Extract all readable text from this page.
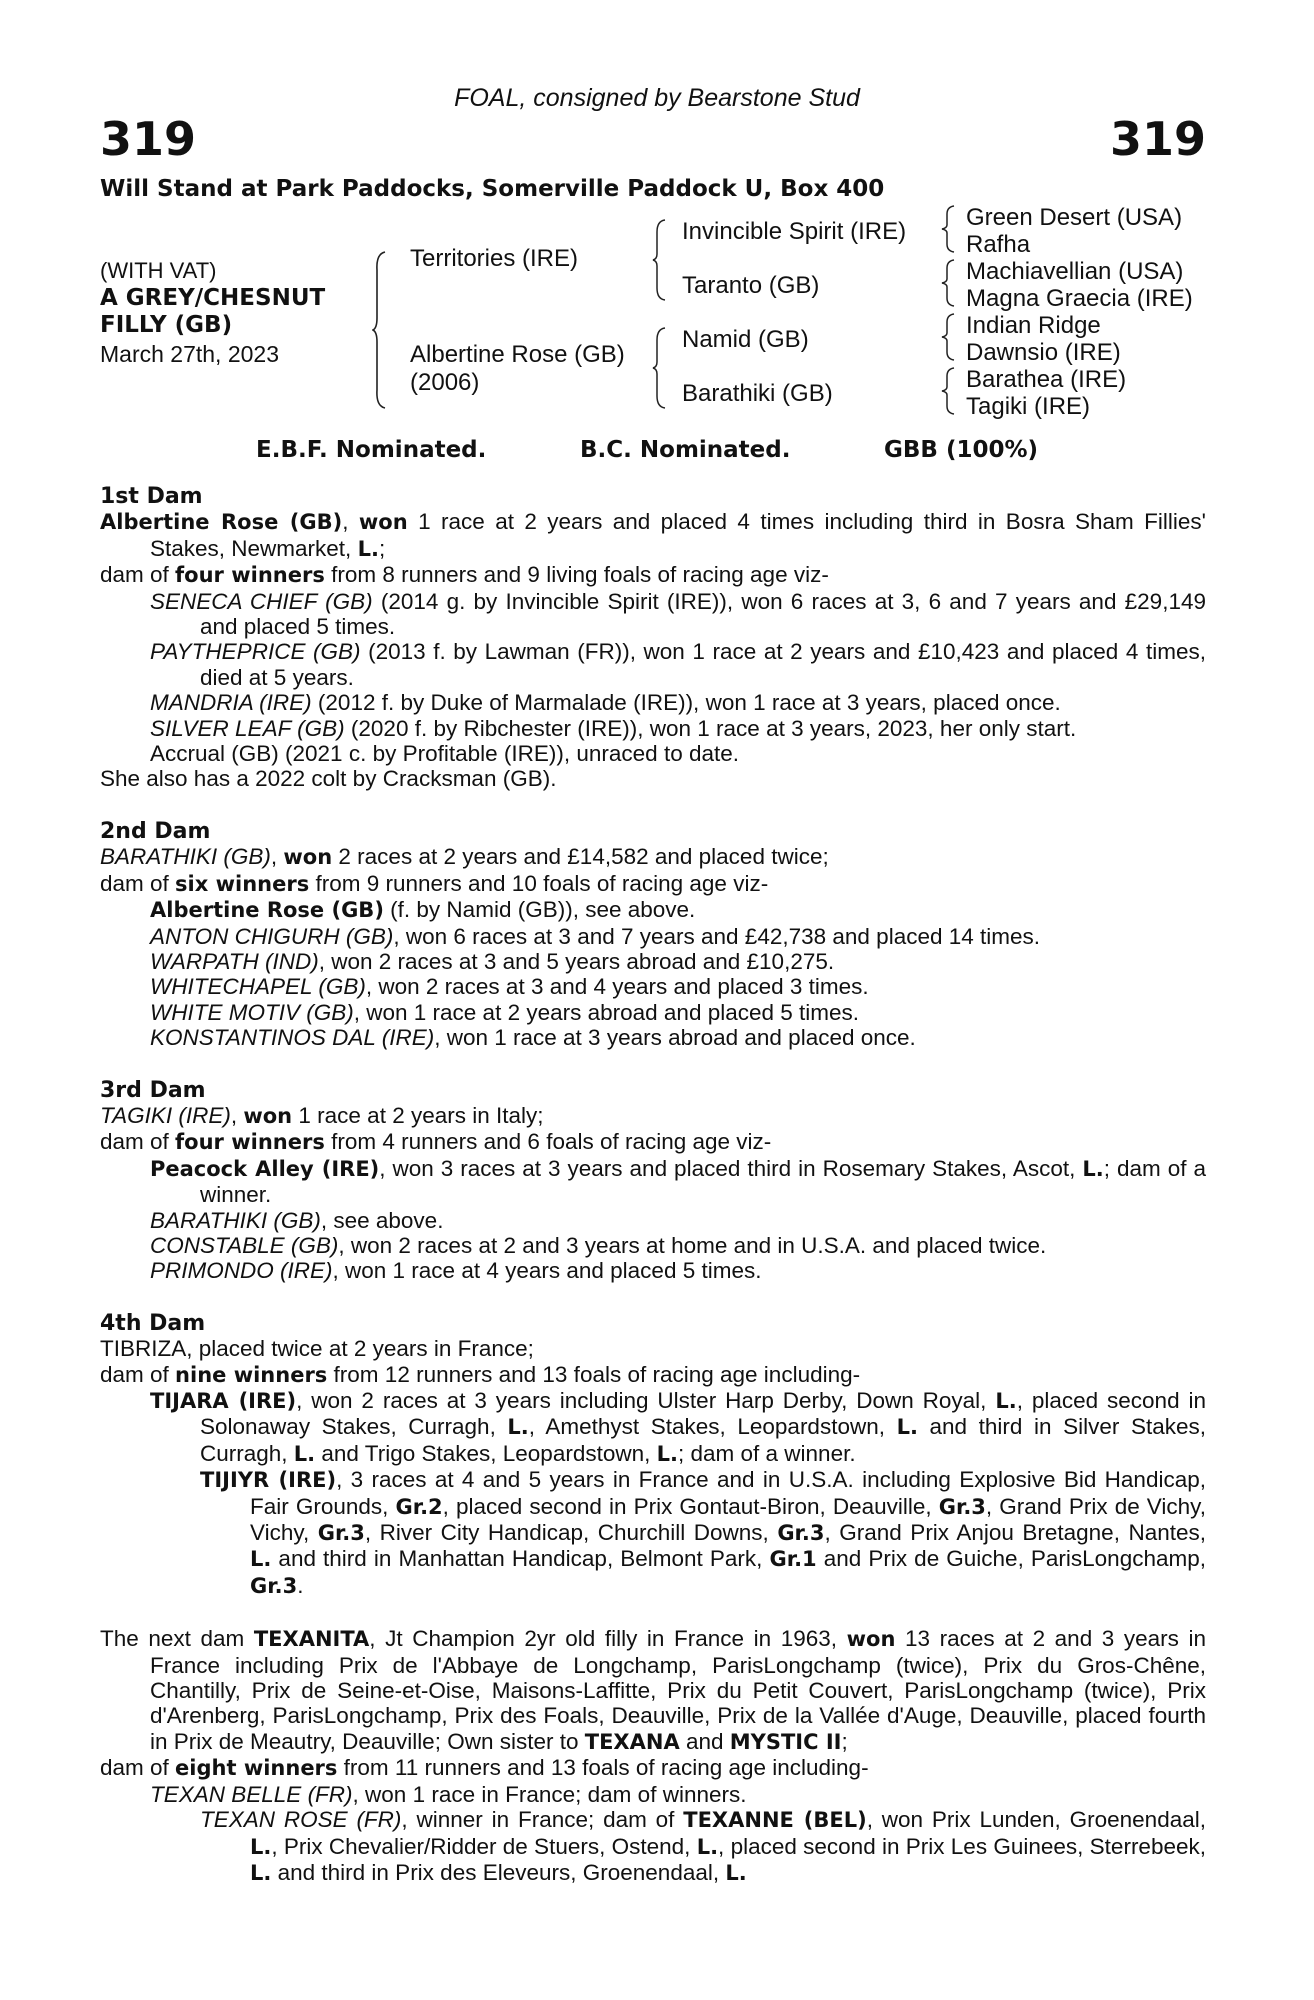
FOAL, consigned by Bearstone Stud
319	319
Will Stand at Park Paddocks, Somerville Paddock U, Box 400
(WITH VAT)
A GREY/CHESNUT
FILLY (GB)
March 27th, 2023
Territories (IRE)
Albertine Rose (GB)
(2006)
Invincible Spirit (IRE)
Taranto (GB)
Namid (GB)
Barathiki (GB)
Green Desert (USA)
Rafha
Machiavellian (USA)
Magna Graecia (IRE)
Indian Ridge
Dawnsio (IRE)
Barathea (IRE)
Tagiki (IRE)
E.B.F. Nominated.	B.C. Nominated.	GBB (100%)

1st Dam

Albertine Rose (GB), won 1 race at 2 years and placed 4 times including third in Bosra Sham Fillies' Stakes, Newmarket, L.;

dam of four winners from 8 runners and 9 living foals of racing age viz-

SENECA CHIEF (GB) (2014 g. by Invincible Spirit (IRE)), won 6 races at 3, 6 and 7 years and £29,149 and placed 5 times.

PAYTHEPRICE (GB) (2013 f. by Lawman (FR)), won 1 race at 2 years and £10,423 and placed 4 times, died at 5 years.

MANDRIA (IRE) (2012 f. by Duke of Marmalade (IRE)), won 1 race at 3 years, placed once.

SILVER LEAF (GB) (2020 f. by Ribchester (IRE)), won 1 race at 3 years, 2023, her only start.

Accrual (GB) (2021 c. by Profitable (IRE)), unraced to date.

She also has a 2022 colt by Cracksman (GB).

2nd Dam

BARATHIKI (GB), won 2 races at 2 years and £14,582 and placed twice;

dam of six winners from 9 runners and 10 foals of racing age viz-

Albertine Rose (GB) (f. by Namid (GB)), see above.

ANTON CHIGURH (GB), won 6 races at 3 and 7 years and £42,738 and placed 14 times.

WARPATH (IND), won 2 races at 3 and 5 years abroad and £10,275.

WHITECHAPEL (GB), won 2 races at 3 and 4 years and placed 3 times.

WHITE MOTIV (GB), won 1 race at 2 years abroad and placed 5 times.

KONSTANTINOS DAL (IRE), won 1 race at 3 years abroad and placed once.

3rd Dam

TAGIKI (IRE), won 1 race at 2 years in Italy;

dam of four winners from 4 runners and 6 foals of racing age viz-

Peacock Alley (IRE), won 3 races at 3 years and placed third in Rosemary Stakes, Ascot, L.; dam of a winner.

BARATHIKI (GB), see above.

CONSTABLE (GB), won 2 races at 2 and 3 years at home and in U.S.A. and placed twice.

PRIMONDO (IRE), won 1 race at 4 years and placed 5 times.

4th Dam

TIBRIZA, placed twice at 2 years in France;

dam of nine winners from 12 runners and 13 foals of racing age including-

TIJARA (IRE), won 2 races at 3 years including Ulster Harp Derby, Down Royal, L., placed second in Solonaway Stakes, Curragh, L., Amethyst Stakes, Leopardstown, L. and third in Silver Stakes, Curragh, L. and Trigo Stakes, Leopardstown, L.; dam of a winner.

TIJIYR (IRE), 3 races at 4 and 5 years in France and in U.S.A. including Explosive Bid Handicap, Fair Grounds, Gr.2, placed second in Prix Gontaut-Biron, Deauville, Gr.3, Grand Prix de Vichy, Vichy, Gr.3, River City Handicap, Churchill Downs, Gr.3, Grand Prix Anjou Bretagne, Nantes, L. and third in Manhattan Handicap, Belmont Park, Gr.1 and Prix de Guiche, ParisLongchamp, Gr.3.

The next dam TEXANITA, Jt Champion 2yr old filly in France in 1963, won 13 races at 2 and 3 years in France including Prix de l'Abbaye de Longchamp, ParisLongchamp (twice), Prix du Gros-Chêne, Chantilly, Prix de Seine-et-Oise, Maisons-Laffitte, Prix du Petit Couvert, ParisLongchamp (twice), Prix d'Arenberg, ParisLongchamp, Prix des Foals, Deauville, Prix de la Vallée d'Auge, Deauville, placed fourth in Prix de Meautry, Deauville; Own sister to TEXANA and MYSTIC II;

dam of eight winners from 11 runners and 13 foals of racing age including-

TEXAN BELLE (FR), won 1 race in France; dam of winners.

TEXAN ROSE (FR), winner in France; dam of TEXANNE (BEL), won Prix Lunden, Groenendaal, L., Prix Chevalier/Ridder de Stuers, Ostend, L., placed second in Prix Les Guinees, Sterrebeek, L. and third in Prix des Eleveurs, Groenendaal, L.
